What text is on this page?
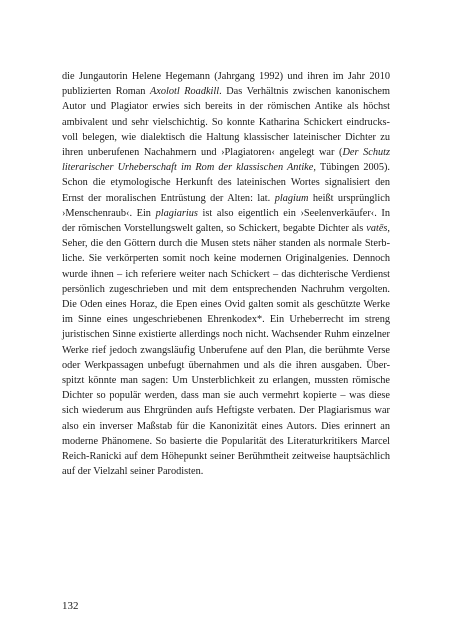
die Jungautorin Helene Hegemann (Jahrgang 1992) und ihren im Jahr 2010
publizierten Roman Axolotl Roadkill. Das Verhältnis zwischen kanonischem
Autor und Plagiator erwies sich bereits in der römischen Antike als höchst
ambivalent und sehr vielschichtig. So konnte Katharina Schickert eindrucks-
voll belegen, wie dialektisch die Haltung klassischer lateinischer Dichter zu
ihren unberufenen Nachahmern und ›Plagiatoren‹ angelegt war (Der Schutz
literarischer Urheberschaft im Rom der klassischen Antike, Tübingen 2005).
Schon die etymologische Herkunft des lateinischen Wortes signalisiert den
Ernst der moralischen Entrüstung der Alten: lat. plagium heißt ursprünglich
›Menschenraub‹. Ein plagiarius ist also eigentlich ein ›Seelenverkäufer‹. In
der römischen Vorstellungswelt galten, so Schickert, begabte Dichter als vatēs,
Seher, die den Göttern durch die Musen stets näher standen als normale Sterb-
liche. Sie verkörperten somit noch keine modernen Originalgenies. Dennoch
wurde ihnen – ich referiere weiter nach Schickert – das dichterische Verdienst
persönlich zugeschrieben und mit dem entsprechenden Nachruhm vergolten.
Die Oden eines Horaz, die Epen eines Ovid galten somit als geschützte Werke
im Sinne eines ungeschriebenen Ehrenkodex*. Ein Urheberrecht im streng
juristischen Sinne existierte allerdings noch nicht. Wachsender Ruhm einzelner
Werke rief jedoch zwangsläufig Unberufene auf den Plan, die berühmte Verse
oder Werkpassagen unbefugt übernahmen und als die ihren ausgaben. Über-
spitzt könnte man sagen: Um Unsterblichkeit zu erlangen, mussten römische
Dichter so populär werden, dass man sie auch vermehrt kopierte – was diese
sich wiederum aus Ehrgründen aufs Heftigste verbaten. Der Plagiarismus war
also ein inverser Maßstab für die Kanonizität eines Autors. Dies erinnert an
moderne Phänomene. So basierte die Popularität des Literaturkritikers Marcel
Reich-Ranicki auf dem Höhepunkt seiner Berühmtheit zeitweise hauptsächlich
auf der Vielzahl seiner Parodisten.
132
